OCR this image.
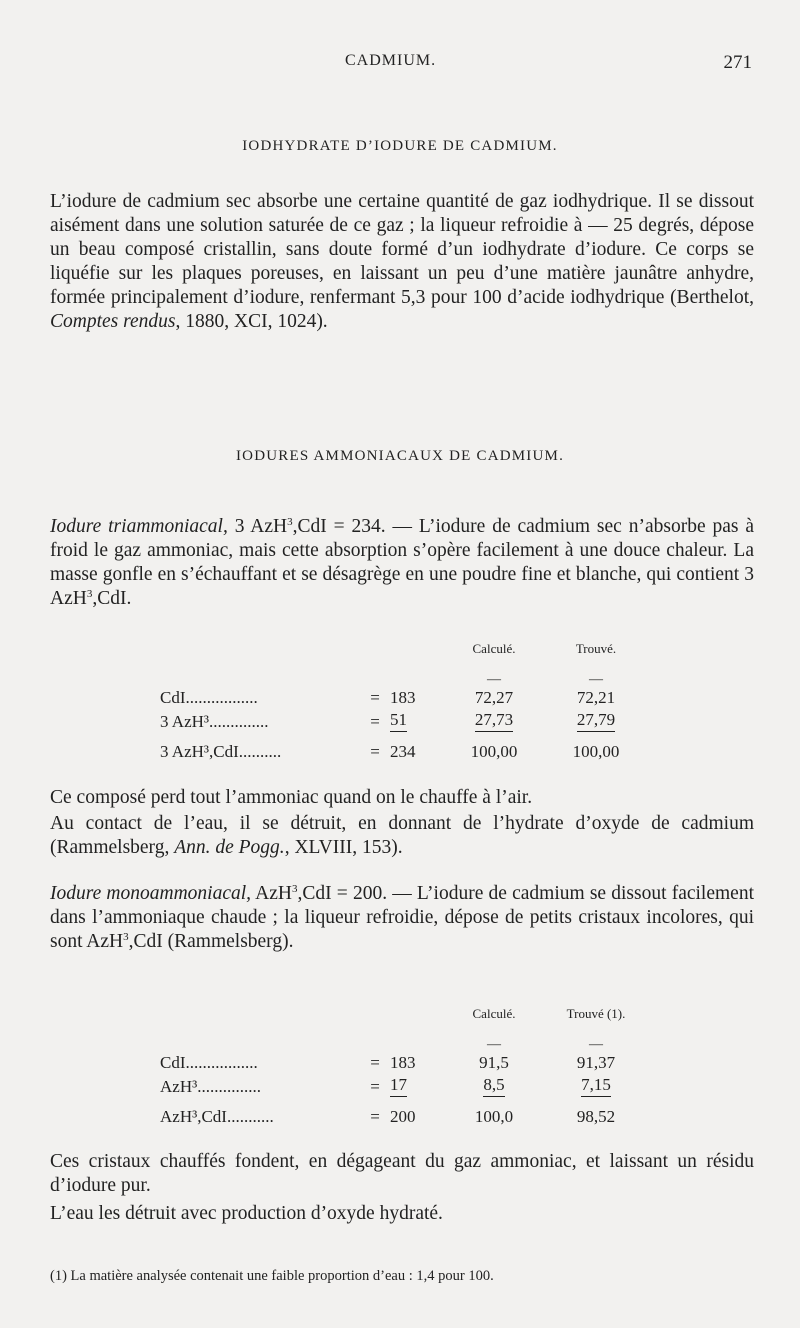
CADMIUM.	271
IODHYDRATE D’IODURE DE CADMIUM.
L’iodure de cadmium sec absorbe une certaine quantité de gaz iodhydrique. Il se dissout aisément dans une solution saturée de ce gaz ; la liqueur refroidie à — 25 degrés, dépose un beau composé cristallin, sans doute formé d’un iodhydrate d’iodure. Ce corps se liquéfie sur les plaques poreuses, en laissant un peu d’une matière jaunâtre anhydre, formée principalement d’iodure, renfermant 5,3 pour 100 d’acide iodhydrique (Berthelot, Comptes rendus, 1880, XCI, 1024).
IODURES AMMONIACAUX DE CADMIUM.
Iodure triammoniacal, 3 AzH$^3$,CdI = 234. — L’iodure de cadmium sec n’absorbe pas à froid le gaz ammoniac, mais cette absorption s’opère facilement à une douce chaleur. La masse gonfle en s’échauffant et se désagrège en une poudre fine et blanche, qui contient 3 AzH$^3$,CdI.
			Calculé.	Trouvé.
			—	—
CdI.................	=	183	72,27	72,21
3 AzH³..............	=	51	27,73	27,79
3 AzH³,CdI..........	=	234	100,00	100,00
Ce composé perd tout l’ammoniac quand on le chauffe à l’air.
Au contact de l’eau, il se détruit, en donnant de l’hydrate d’oxyde de cadmium (Rammelsberg, Ann. de Pogg., XLVIII, 153).
Iodure monoammoniacal, AzH$^3$,CdI = 200. — L’iodure de cadmium se dissout facilement dans l’ammoniaque chaude ; la liqueur refroidie, dépose de petits cristaux incolores, qui sont AzH$^3$,CdI (Rammelsberg).
			Calculé.	Trouvé (1).
			—	—
CdI.................	=	183	91,5	91,37
AzH³...............	=	17	8,5	7,15
AzH³,CdI...........	=	200	100,0	98,52
Ces cristaux chauffés fondent, en dégageant du gaz ammoniac, et laissant un résidu d’iodure pur.
L’eau les détruit avec production d’oxyde hydraté.
(1) La matière analysée contenait une faible proportion d’eau : 1,4 pour 100.
